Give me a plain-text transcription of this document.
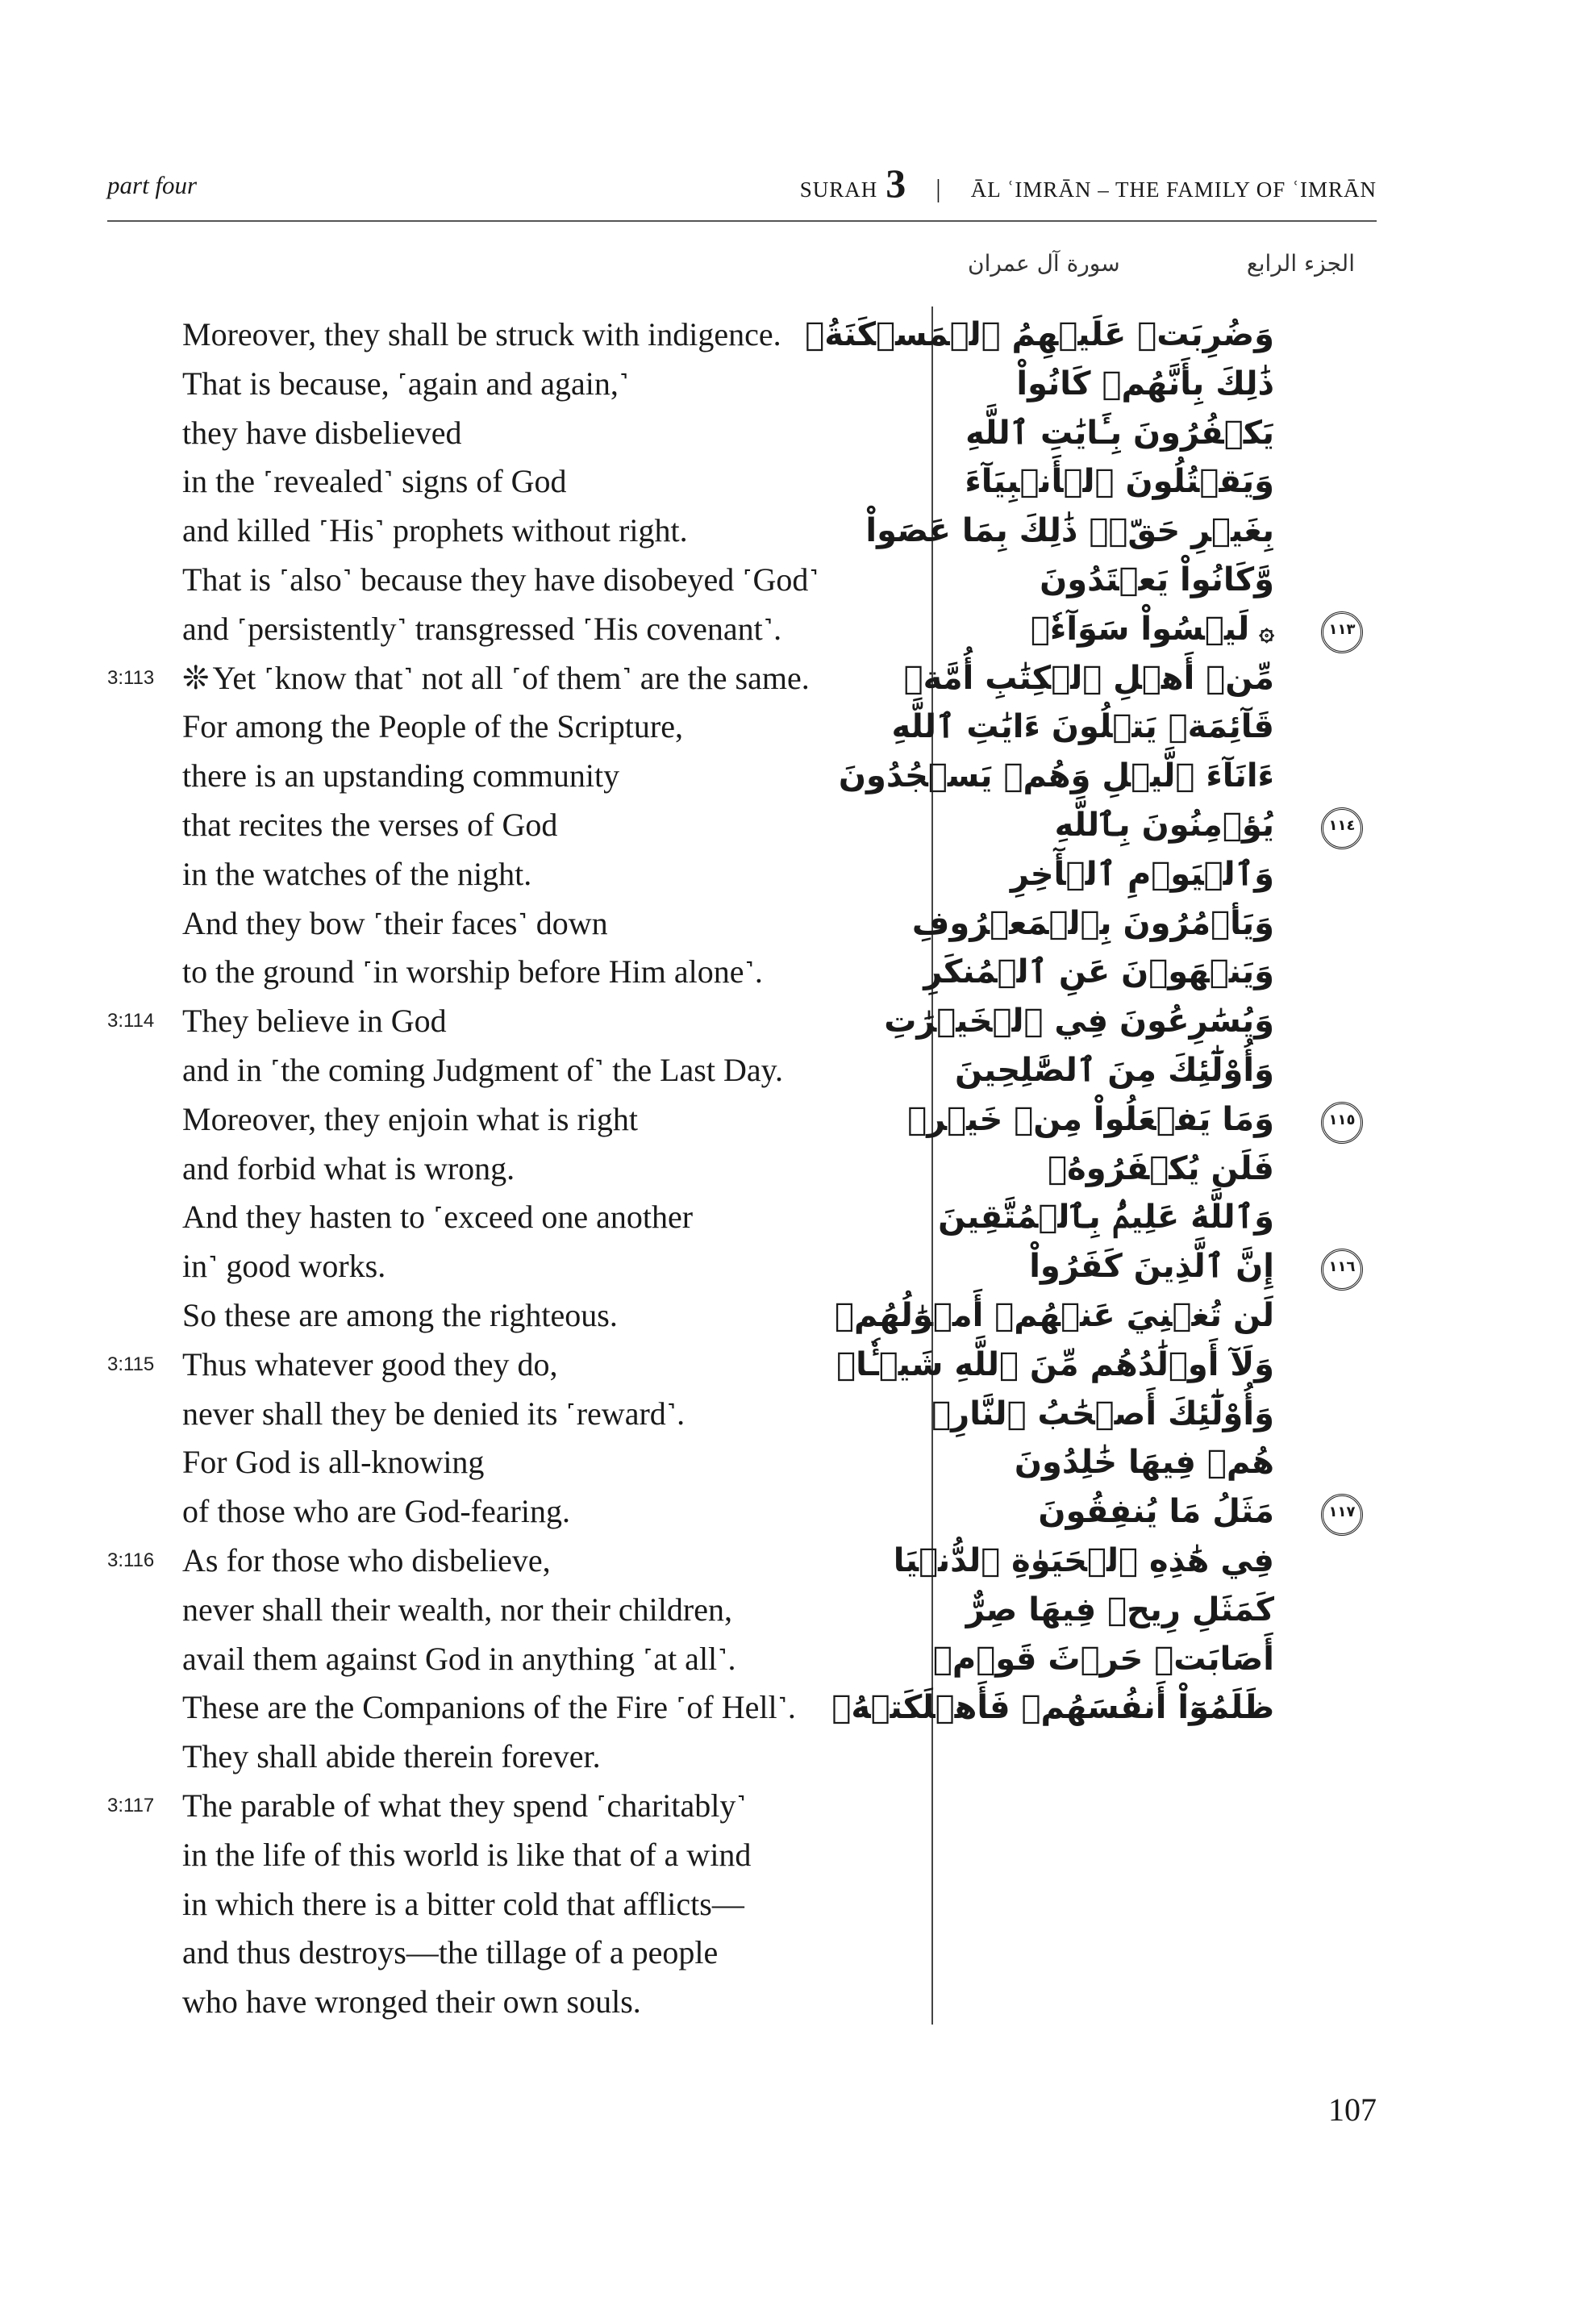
part four	SURAH 3 | ĀL ʿIMRĀN – THE FAMILY OF ʿIMRĀN
سورة آل عمران	الجزء الرابع
Moreover, they shall be struck with indigence.
That is because, ˹again and again,˺
they have disbelieved
in the ˹revealed˺ signs of God
and killed ˹His˺ prophets without right.
That is ˹also˺ because they have disobeyed ˹God˺
and ˹persistently˺ transgressed ˹His covenant˺.
3:113 ❊ Yet ˹know that˺ not all ˹of them˺ are the same.
For among the People of the Scripture,
there is an upstanding community
that recites the verses of God
in the watches of the night.
And they bow ˹their faces˺ down
to the ground ˹in worship before Him alone˺.
3:114 They believe in God
and in ˹the coming Judgment of˺ the Last Day.
Moreover, they enjoin what is right
and forbid what is wrong.
And they hasten to ˹exceed one another
in˺ good works.
So these are among the righteous.
3:115 Thus whatever good they do,
never shall they be denied its ˹reward˺.
For God is all-knowing
of those who are God-fearing.
3:116 As for those who disbelieve,
never shall their wealth, nor their children,
avail them against God in anything ˹at all˺.
These are the Companions of the Fire ˹of Hell˺.
They shall abide therein forever.
3:117 The parable of what they spend ˹charitably˺
in the life of this world is like that of a wind
in which there is a bitter cold that afflicts—
and thus destroys—the tillage of a people
who have wronged their own souls.
وَضُرِبَتۡ عَلَيۡهِمُ ٱلۡمَسۡكَنَةُۚ
ذَٰلِكَ بِأَنَّهُمۡ كَانُواْ
يَكۡفُرُونَ بِـَٔايَٰتِ ٱللَّهِ
وَيَقۡتُلُونَ ٱلۡأَنۢبِيَآءَ
بِغَيۡرِ حَقّٖۚ ذَٰلِكَ بِمَا عَصَواْ
وَّكَانُواْ يَعۡتَدُونَ
١١٣
۞لَيۡسُواْ سَوَآءٗۗ
مِّنۡ أَهۡلِ ٱلۡكِتَٰبِ أُمَّةٞ
قَآئِمَةٞ يَتۡلُونَ ءَايَٰتِ ٱللَّهِ
ءَانَآءَ ٱلَّيۡلِ وَهُمۡ يَسۡجُدُونَ
١١٤
يُؤۡمِنُونَ بِٱللَّهِ
وَٱلۡيَوۡمِ ٱلۡأٓخِرِ
وَيَأۡمُرُونَ بِٱلۡمَعۡرُوفِ
وَيَنۡهَوۡنَ عَنِ ٱلۡمُنكَرِ
وَيُسَٰرِعُونَ فِي ٱلۡخَيۡرَٰتِ
وَأُوْلَٰٓئِكَ مِنَ ٱلصَّٰلِحِينَ
١١٥
وَمَا يَفۡعَلُواْ مِنۡ خَيۡرٖ
فَلَن يُكۡفَرُوهُۗ
وَٱللَّهُ عَلِيمُۢ بِٱلۡمُتَّقِينَ
١١٦
إِنَّ ٱلَّذِينَ كَفَرُواْ
لَن تُغۡنِيَ عَنۡهُمۡ أَمۡوَٰلُهُمۡ
وَلَآ أَوۡلَٰدُهُم مِّنَ ٱللَّهِ شَيۡـٔٗاۖ
وَأُوْلَٰٓئِكَ أَصۡحَٰبُ ٱلنَّارِۚ
هُمۡ فِيهَا خَٰلِدُونَ
١١٧
مَثَلُ مَا يُنفِقُونَ
فِي هَٰذِهِ ٱلۡحَيَوٰةِ ٱلدُّنۡيَا
كَمَثَلِ رِيحٖ فِيهَا صِرٌّ
أَصَابَتۡ حَرۡثَ قَوۡمٖ
ظَلَمُوٓاْ أَنفُسَهُمۡ فَأَهۡلَكَتۡهُۚ
107
